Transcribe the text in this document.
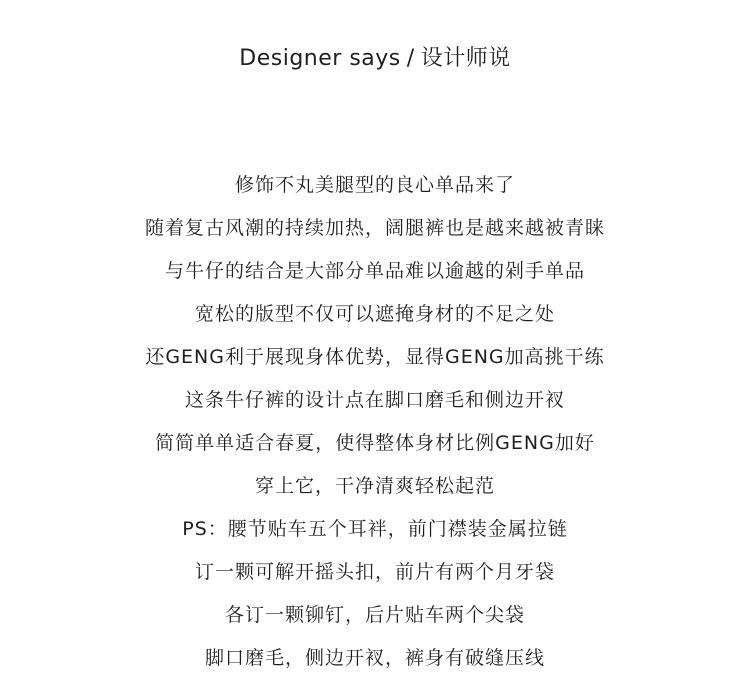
Designer says / 设计师说
修饰不丸美腿型的良心单品来了
随着复古风潮的持续加热，阔腿裤也是越来越被青睐
与牛仔的结合是大部分单品难以逾越的剁手单品
宽松的版型不仅可以遮掩身材的不足之处
还GENG利于展现身体优势，显得GENG加高挑干练
这条牛仔裤的设计点在脚口磨毛和侧边开衩
简简单单适合春夏，使得整体身材比例GENG加好
穿上它，干净清爽轻松起范
PS：腰节贴车五个耳袢，前门襟装金属拉链
订一颗可解开摇头扣，前片有两个月牙袋
各订一颗铆钉，后片贴车两个尖袋
脚口磨毛，侧边开衩，裤身有破缝压线
